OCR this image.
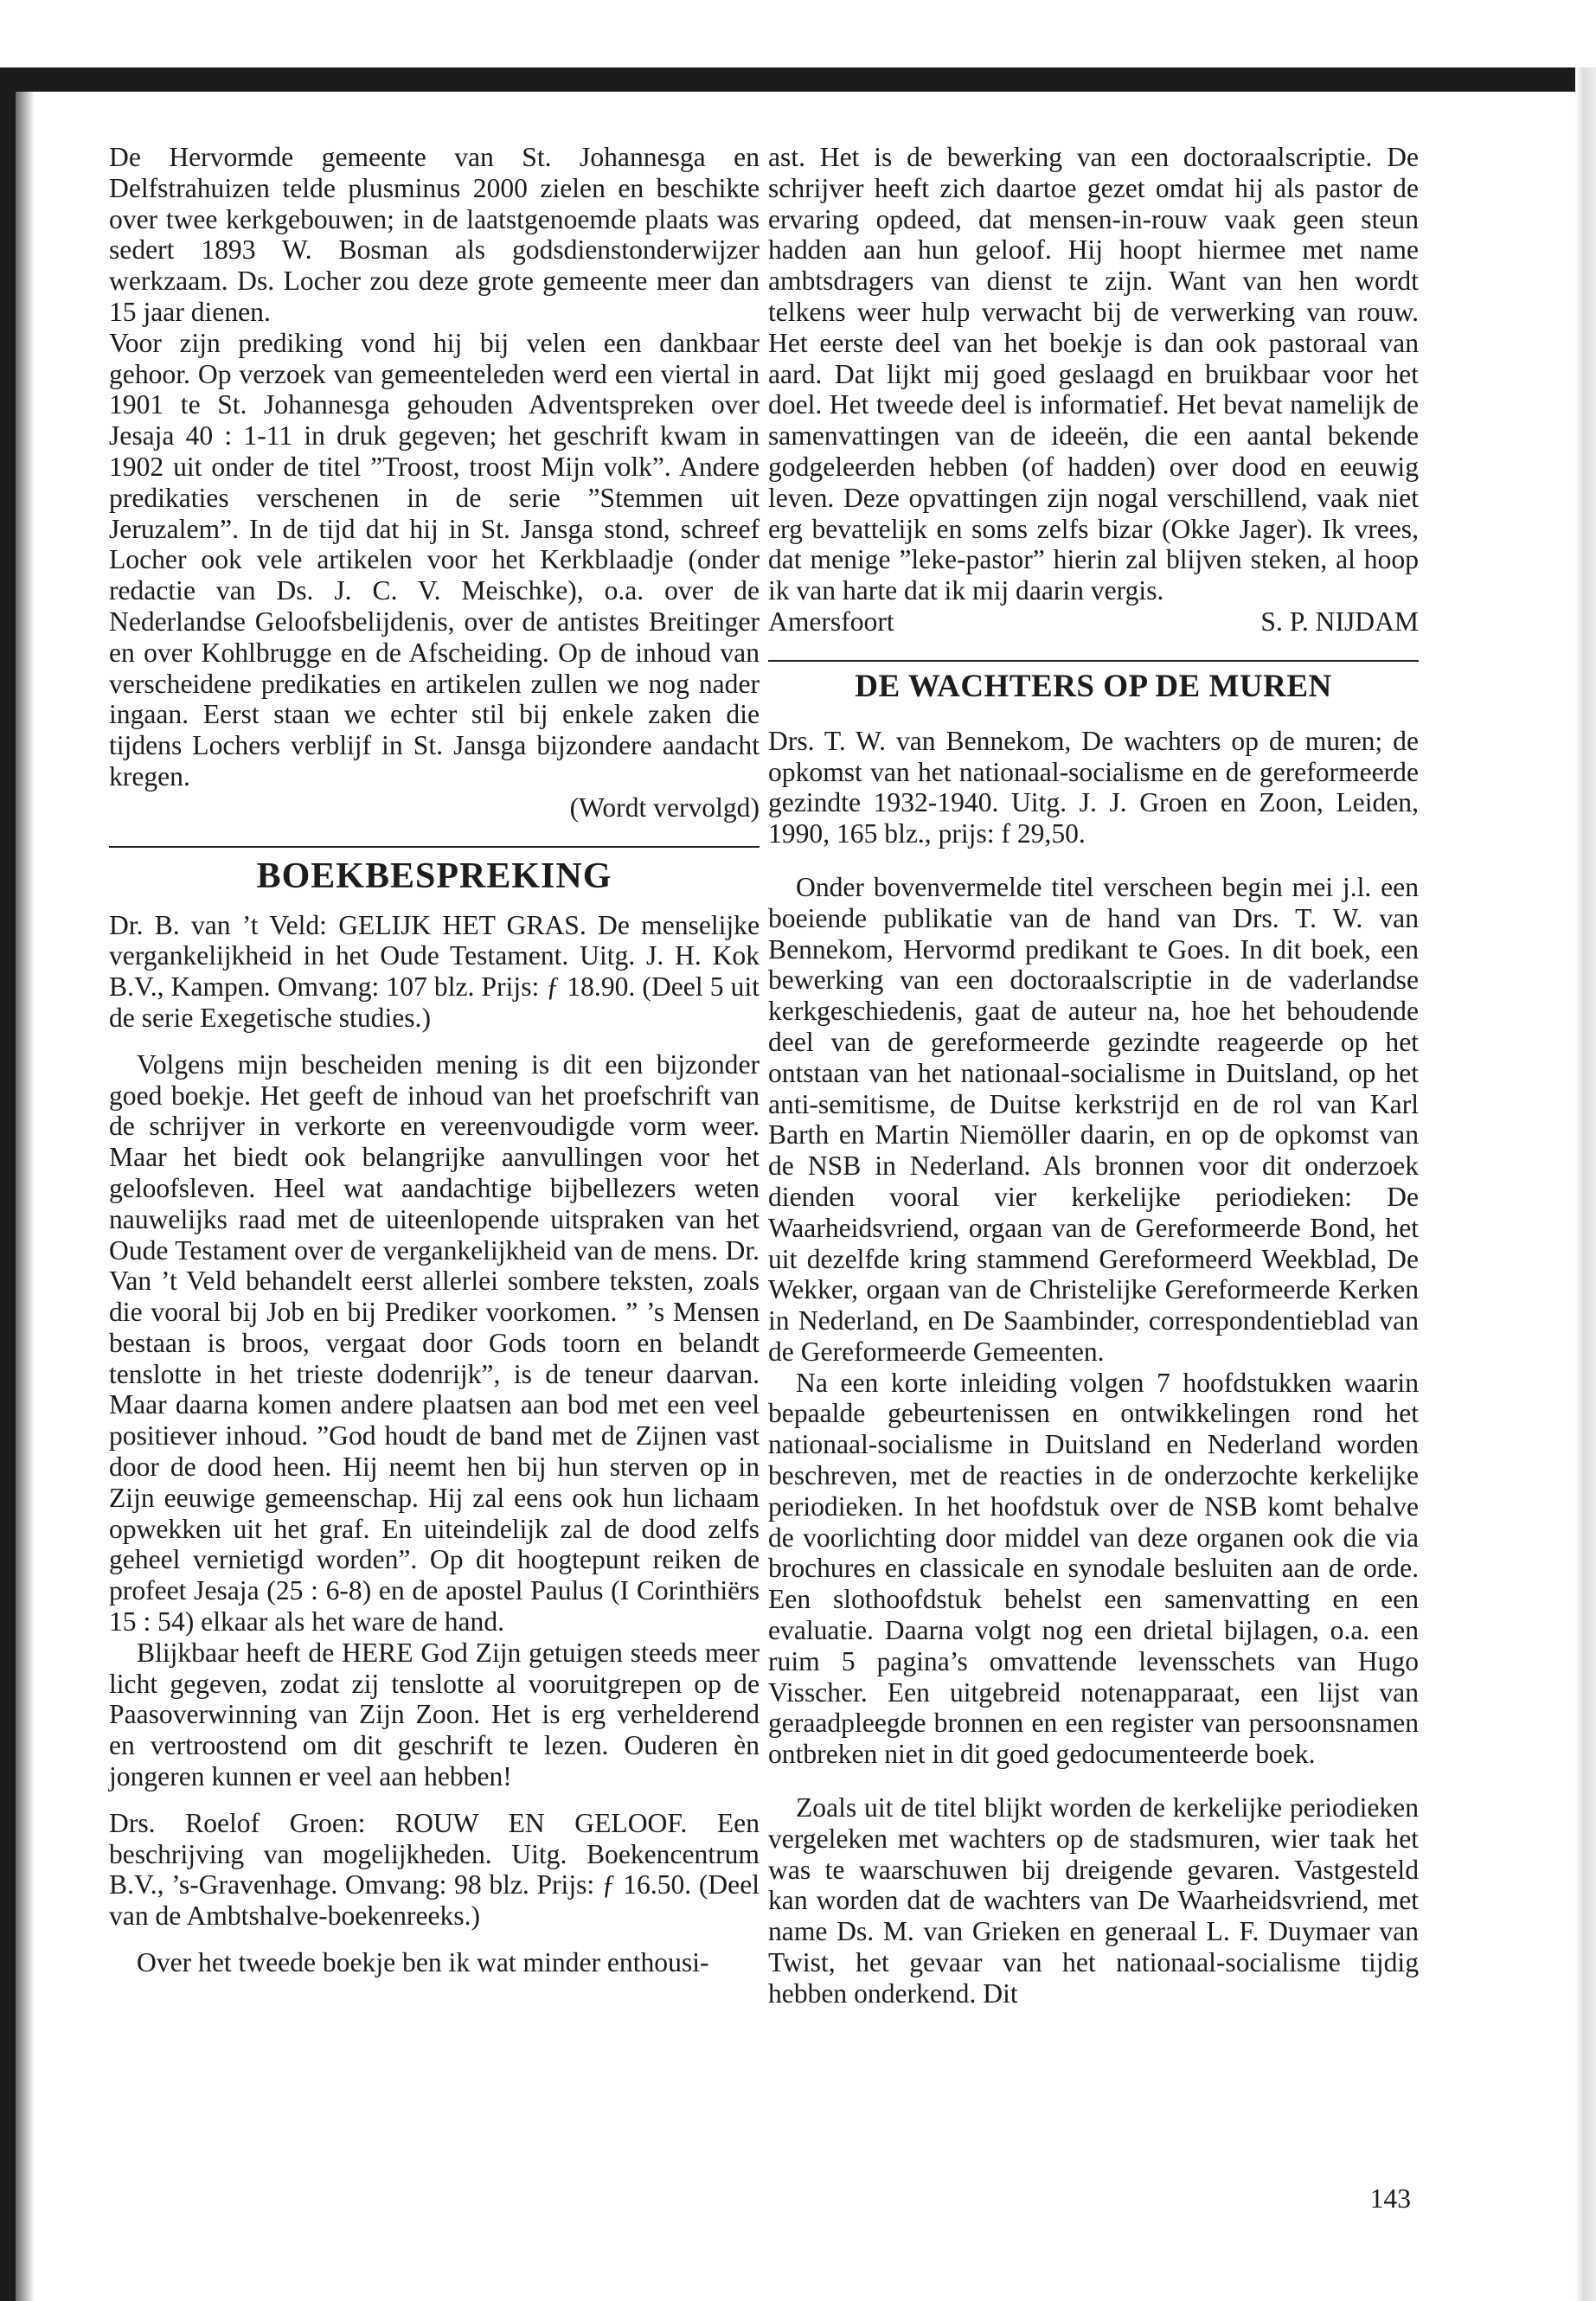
De Hervormde gemeente van St. Johannesga en Delfstrahuizen telde plusminus 2000 zielen en beschikte over twee kerkgebouwen; in de laatstgenoemde plaats was sedert 1893 W. Bosman als godsdienstonderwijzer werkzaam. Ds. Locher zou deze grote gemeente meer dan 15 jaar dienen.

Voor zijn prediking vond hij bij velen een dankbaar gehoor. Op verzoek van gemeenteleden werd een viertal in 1901 te St. Johannesga gehouden Adventspreken over Jesaja 40 : 1-11 in druk gegeven; het geschrift kwam in 1902 uit onder de titel ”Troost, troost Mijn volk”. Andere predikaties verschenen in de serie ”Stemmen uit Jeruzalem”. In de tijd dat hij in St. Jansga stond, schreef Locher ook vele artikelen voor het Kerkblaadje (onder redactie van Ds. J. C. V. Meischke), o.a. over de Nederlandse Geloofsbelijdenis, over de antistes Breitinger en over Kohlbrugge en de Afscheiding. Op de inhoud van verscheidene predikaties en artikelen zullen we nog nader ingaan. Eerst staan we echter stil bij enkele zaken die tijdens Lochers verblijf in St. Jansga bijzondere aandacht kregen.

(Wordt vervolgd)

BOEKBESPREKING

Dr. B. van ’t Veld: GELIJK HET GRAS. De menselijke vergankelijkheid in het Oude Testament. Uitg. J. H. Kok B.V., Kampen. Omvang: 107 blz. Prijs: ƒ 18.90. (Deel 5 uit de serie Exegetische studies.)

Volgens mijn bescheiden mening is dit een bijzonder goed boekje. Het geeft de inhoud van het proefschrift van de schrijver in verkorte en vereenvoudigde vorm weer. Maar het biedt ook belangrijke aanvullingen voor het geloofsleven. Heel wat aandachtige bijbellezers weten nauwelijks raad met de uiteenlopende uitspraken van het Oude Testament over de vergankelijkheid van de mens. Dr. Van ’t Veld behandelt eerst allerlei sombere teksten, zoals die vooral bij Job en bij Prediker voorkomen. ” ’s Mensen bestaan is broos, vergaat door Gods toorn en belandt tenslotte in het trieste dodenrijk”, is de teneur daarvan. Maar daarna komen andere plaatsen aan bod met een veel positiever inhoud. ”God houdt de band met de Zijnen vast door de dood heen. Hij neemt hen bij hun sterven op in Zijn eeuwige gemeenschap. Hij zal eens ook hun lichaam opwekken uit het graf. En uiteindelijk zal de dood zelfs geheel vernietigd worden”. Op dit hoogtepunt reiken de profeet Jesaja (25 : 6-8) en de apostel Paulus (I Corinthiërs 15 : 54) elkaar als het ware de hand.

Blijkbaar heeft de HERE God Zijn getuigen steeds meer licht gegeven, zodat zij tenslotte al vooruitgrepen op de Paasoverwinning van Zijn Zoon. Het is erg verhelderend en vertroostend om dit geschrift te lezen. Ouderen èn jongeren kunnen er veel aan hebben!

Drs. Roelof Groen: ROUW EN GELOOF. Een beschrijving van mogelijkheden. Uitg. Boekencentrum B.V., ’s-Gravenhage. Omvang: 98 blz. Prijs: ƒ 16.50. (Deel van de Ambtshalve-boekenreeks.)

Over het tweede boekje ben ik wat minder enthousi-

ast. Het is de bewerking van een doctoraalscriptie. De schrijver heeft zich daartoe gezet omdat hij als pastor de ervaring opdeed, dat mensen-in-rouw vaak geen steun hadden aan hun geloof. Hij hoopt hiermee met name ambtsdragers van dienst te zijn. Want van hen wordt telkens weer hulp verwacht bij de verwerking van rouw. Het eerste deel van het boekje is dan ook pastoraal van aard. Dat lijkt mij goed geslaagd en bruikbaar voor het doel. Het tweede deel is informatief. Het bevat namelijk de samenvattingen van de ideeën, die een aantal bekende godgeleerden hebben (of hadden) over dood en eeuwig leven. Deze opvattingen zijn nogal verschillend, vaak niet erg bevattelijk en soms zelfs bizar (Okke Jager). Ik vrees, dat menige ”leke-pastor” hierin zal blijven steken, al hoop ik van harte dat ik mij daarin vergis.

Amersfoort	S. P. NIJDAM
DE WACHTERS OP DE MUREN

Drs. T. W. van Bennekom, De wachters op de muren; de opkomst van het nationaal-socialisme en de gereformeerde gezindte 1932-1940. Uitg. J. J. Groen en Zoon, Leiden, 1990, 165 blz., prijs: f 29,50.

Onder bovenvermelde titel verscheen begin mei j.l. een boeiende publikatie van de hand van Drs. T. W. van Bennekom, Hervormd predikant te Goes. In dit boek, een bewerking van een doctoraalscriptie in de vaderlandse kerkgeschiedenis, gaat de auteur na, hoe het behoudende deel van de gereformeerde gezindte reageerde op het ontstaan van het nationaal-socialisme in Duitsland, op het anti-semitisme, de Duitse kerkstrijd en de rol van Karl Barth en Martin Niemöller daarin, en op de opkomst van de NSB in Nederland. Als bronnen voor dit onderzoek dienden vooral vier kerkelijke periodieken: De Waarheidsvriend, orgaan van de Gereformeerde Bond, het uit dezelfde kring stammend Gereformeerd Weekblad, De Wekker, orgaan van de Christelijke Gereformeerde Kerken in Nederland, en De Saambinder, correspondentieblad van de Gereformeerde Gemeenten.

Na een korte inleiding volgen 7 hoofdstukken waarin bepaalde gebeurtenissen en ontwikkelingen rond het nationaal-socialisme in Duitsland en Nederland worden beschreven, met de reacties in de onderzochte kerkelijke periodieken. In het hoofdstuk over de NSB komt behalve de voorlichting door middel van deze organen ook die via brochures en classicale en synodale besluiten aan de orde. Een slothoofdstuk behelst een samenvatting en een evaluatie. Daarna volgt nog een drietal bijlagen, o.a. een ruim 5 pagina’s omvattende levensschets van Hugo Visscher. Een uitgebreid notenapparaat, een lijst van geraadpleegde bronnen en een register van persoonsnamen ontbreken niet in dit goed gedocumenteerde boek.

Zoals uit de titel blijkt worden de kerkelijke periodieken vergeleken met wachters op de stadsmuren, wier taak het was te waarschuwen bij dreigende gevaren. Vastgesteld kan worden dat de wachters van De Waarheidsvriend, met name Ds. M. van Grieken en generaal L. F. Duymaer van Twist, het gevaar van het nationaal-socialisme tijdig hebben onderkend. Dit

143
